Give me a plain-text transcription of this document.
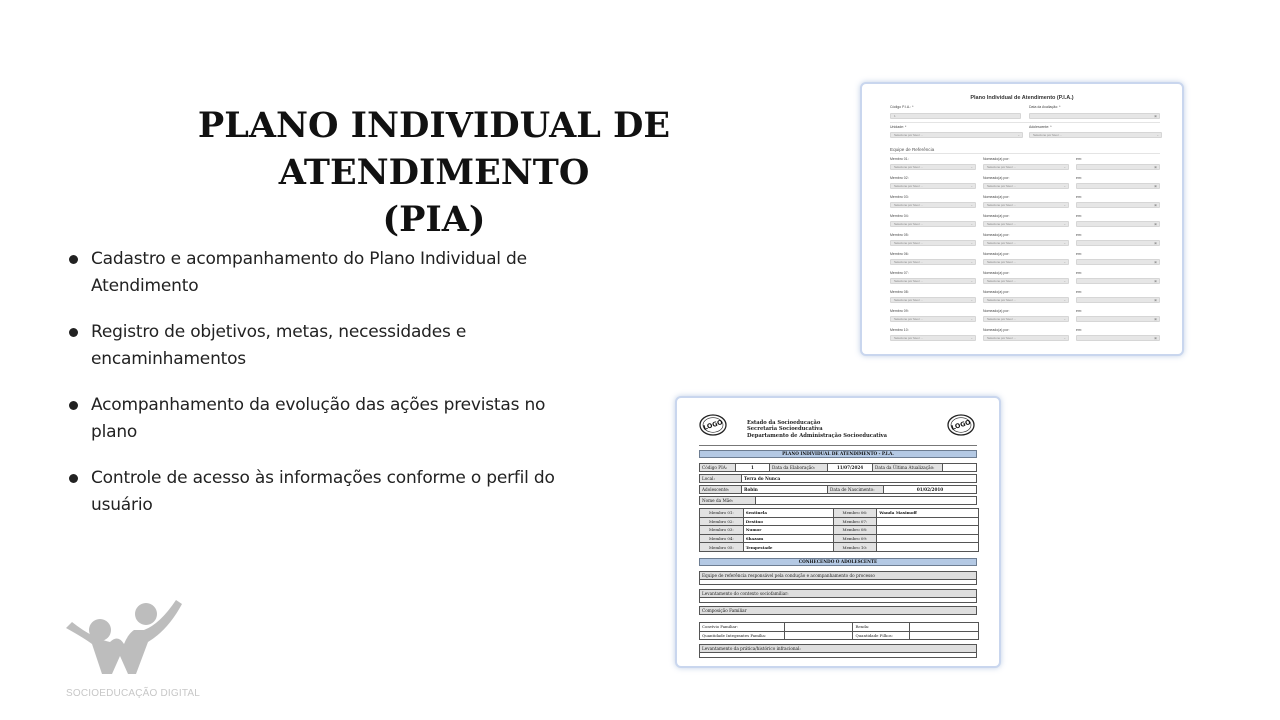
PLANO INDIVIDUAL DE ATENDIMENTO
(PIA)
Cadastro e acompanhamento do Plano Individual de Atendimento
Registro de objetivos, metas, necessidades e encaminhamentos
Acompanhamento da evolução das ações previstas no plano
Controle de acesso às informações conforme o perfil do usuário
Plano Individual de Atendimento (P.I.A.)
Código P.I.A.: *
1
Data da Avaliação: *
▣
Unidade: *
Selecione por favor ...	⌄
Adolescente: *
Selecione por favor ...	⌄
Equipe de Referência
Membro 01:	Nomeado(a) por:	em:
Selecione por favor ...	⌄	Selecione por favor ...	⌄	▣
Membro 02:	Nomeado(a) por:	em:
Selecione por favor ...	⌄	Selecione por favor ...	⌄	▣
Membro 03:	Nomeado(a) por:	em:
Selecione por favor ...	⌄	Selecione por favor ...	⌄	▣
Membro 04:	Nomeado(a) por:	em:
Selecione por favor ...	⌄	Selecione por favor ...	⌄	▣
Membro 05:	Nomeado(a) por:	em:
Selecione por favor ...	⌄	Selecione por favor ...	⌄	▣
Membro 06:	Nomeado(a) por:	em:
Selecione por favor ...	⌄	Selecione por favor ...	⌄	▣
Membro 07:	Nomeado(a) por:	em:
Selecione por favor ...	⌄	Selecione por favor ...	⌄	▣
Membro 08:	Nomeado(a) por:	em:
Selecione por favor ...	⌄	Selecione por favor ...	⌄	▣
Membro 09:	Nomeado(a) por:	em:
Selecione por favor ...	⌄	Selecione por favor ...	⌄	▣
Membro 10:	Nomeado(a) por:	em:
Selecione por favor ...	⌄	Selecione por favor ...	⌄	▣
LOGO	LOGO
Estado da Socioeducação
Secretaria Socioeducativa
Departamento de Administração Socioeducativa
PLANO INDIVIDUAL DE ATENDIMENTO - P.I.A.
Código PIA:	1	Data da Elaboração:	11/07/2024	Data da Última Atualização:
Local:	Terra do Nunca
Adolescente:	Robin	Data de Nascimento:	01/02/2010
Nome da Mãe:
Membro 01:	Sentinela	Membro 06:	Wanda Maximoff
Membro 02:	Destino	Membro 07:	
Membro 03:	Numor	Membro 08:	
Membro 04:	Shazam	Membro 09:	
Membro 05:	Tempestade	Membro 10:	
CONHECENDO O ADOLESCENTE
Equipe de referência responsável pela condução e acompanhamento do processo
Levantamento do contexto sociofamiliar:
Composição Familiar
Convívio Familiar:		Renda:	
Quantidade Integrantes Família:		Quantidade Filhos:	
Levantamento da prática/histórico infracional:
SOCIOEDUCAÇÃO DIGITAL
